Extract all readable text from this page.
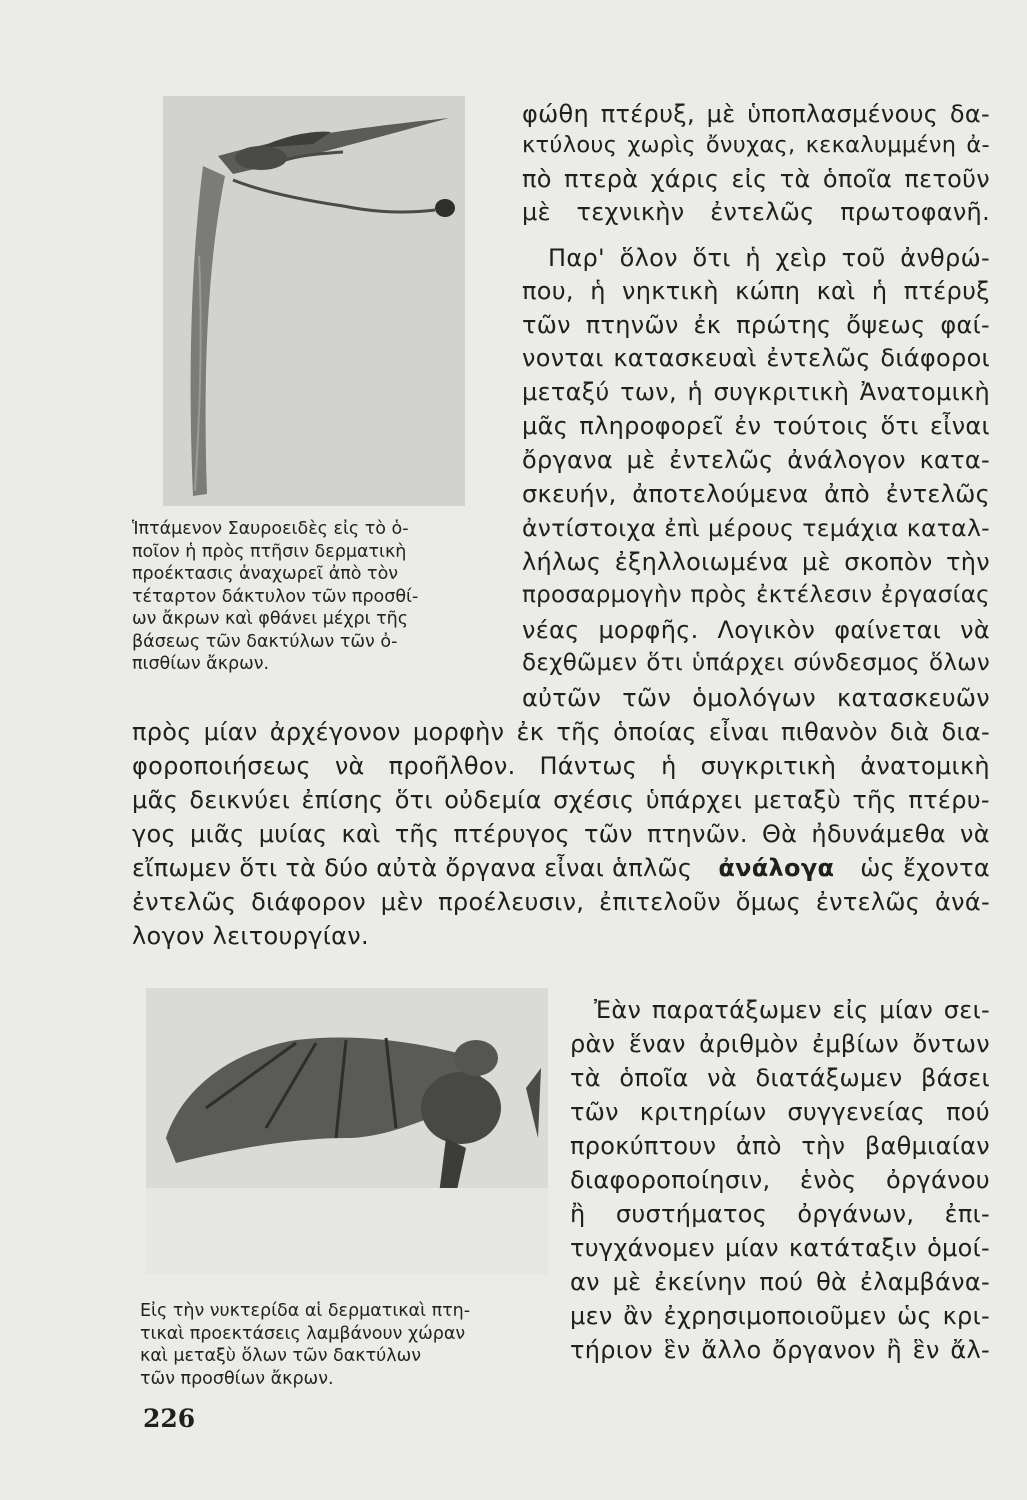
Ἱπτάμενον Σαυροειδὲς εἰς τὸ ὁ-

ποῖον ἡ πρὸς πτῆσιν δερματικὴ

προέκτασις ἀναχωρεῖ ἀπὸ τὸν

τέταρτον δάκτυλον τῶν προσθί-

ων ἄκρων καὶ φθάνει μέχρι τῆς

βάσεως τῶν δακτύλων τῶν ὀ-

πισθίων ἄκρων.

φώθη πτέρυξ, μὲ ὑποπλασμένους δα-

κτύλους χωρὶς ὄνυχας, κεκαλυμμένη ἀ-

πὸ πτερὰ χάρις εἰς τὰ ὁποῖα πετοῦν

μὲ τεχνικὴν ἐντελῶς πρωτοφανῆ.

Παρ' ὅλον ὅτι ἡ χεὶρ τοῦ ἀνθρώ-

που, ἡ νηκτικὴ κώπη καὶ ἡ πτέρυξ

τῶν πτηνῶν ἐκ πρώτης ὄψεως φαί-

νονται κατασκευαὶ ἐντελῶς διάφοροι

μεταξύ των, ἡ συγκριτικὴ Ἀνατομικὴ

μᾶς πληροφορεῖ ἐν τούτοις ὅτι εἶναι

ὄργανα μὲ ἐντελῶς ἀνάλογον κατα-

σκευήν, ἀποτελούμενα ἀπὸ ἐντελῶς

ἀντίστοιχα ἐπὶ μέρους τεμάχια καταλ-

λήλως ἐξηλλοιωμένα μὲ σκοπὸν τὴν

προσαρμογὴν πρὸς ἐκτέλεσιν ἐργασίας

νέας μορφῆς. Λογικὸν φαίνεται νὰ

δεχθῶμεν ὅτι ὑπάρχει σύνδεσμος ὅλων

αὐτῶν τῶν ὁμολόγων κατασκευῶν

πρὸς μίαν ἀρχέγονον μορφὴν ἐκ τῆς ὁποίας εἶναι πιθανὸν διὰ δια-

φοροποιήσεως νὰ προῆλθον. Πάντως ἡ συγκριτικὴ ἀνατομικὴ

μᾶς δεικνύει ἐπίσης ὅτι οὐδεμία σχέσις ὑπάρχει μεταξὺ τῆς πτέρυ-

γος μιᾶς μυίας καὶ τῆς πτέρυγος τῶν πτηνῶν. Θὰ ἠδυνάμεθα νὰ

εἴπωμεν ὅτι τὰ δύο αὐτὰ ὄργανα εἶναι ἁπλῶς ἀνάλογα ὡς ἔχοντα

ἐντελῶς διάφορον μὲν προέλευσιν, ἐπιτελοῦν ὅμως ἐντελῶς ἀνά-

λογον λειτουργίαν.

Εἰς τὴν νυκτερίδα αἱ δερματικαὶ πτη-

τικαὶ προεκτάσεις λαμβάνουν χώραν

καὶ μεταξὺ ὅλων τῶν δακτύλων

τῶν προσθίων ἄκρων.

Ἐὰν παρατάξωμεν εἰς μίαν σει-

ρὰν ἕναν ἀριθμὸν ἐμβίων ὄντων

τὰ ὁποῖα νὰ διατάξωμεν βάσει

τῶν κριτηρίων συγγενείας πού

προκύπτουν ἀπὸ τὴν βαθμιαίαν

διαφοροποίησιν, ἑνὸς ὀργάνου

ἢ συστήματος ὀργάνων, ἐπι-

τυγχάνομεν μίαν κατάταξιν ὁμοί-

αν μὲ ἐκείνην πού θὰ ἐλαμβάνα-

μεν ἂν ἐχρησιμοποιοῦμεν ὡς κρι-

τήριον ἓν ἄλλο ὄργανον ἢ ἓν ἄλ-

226
